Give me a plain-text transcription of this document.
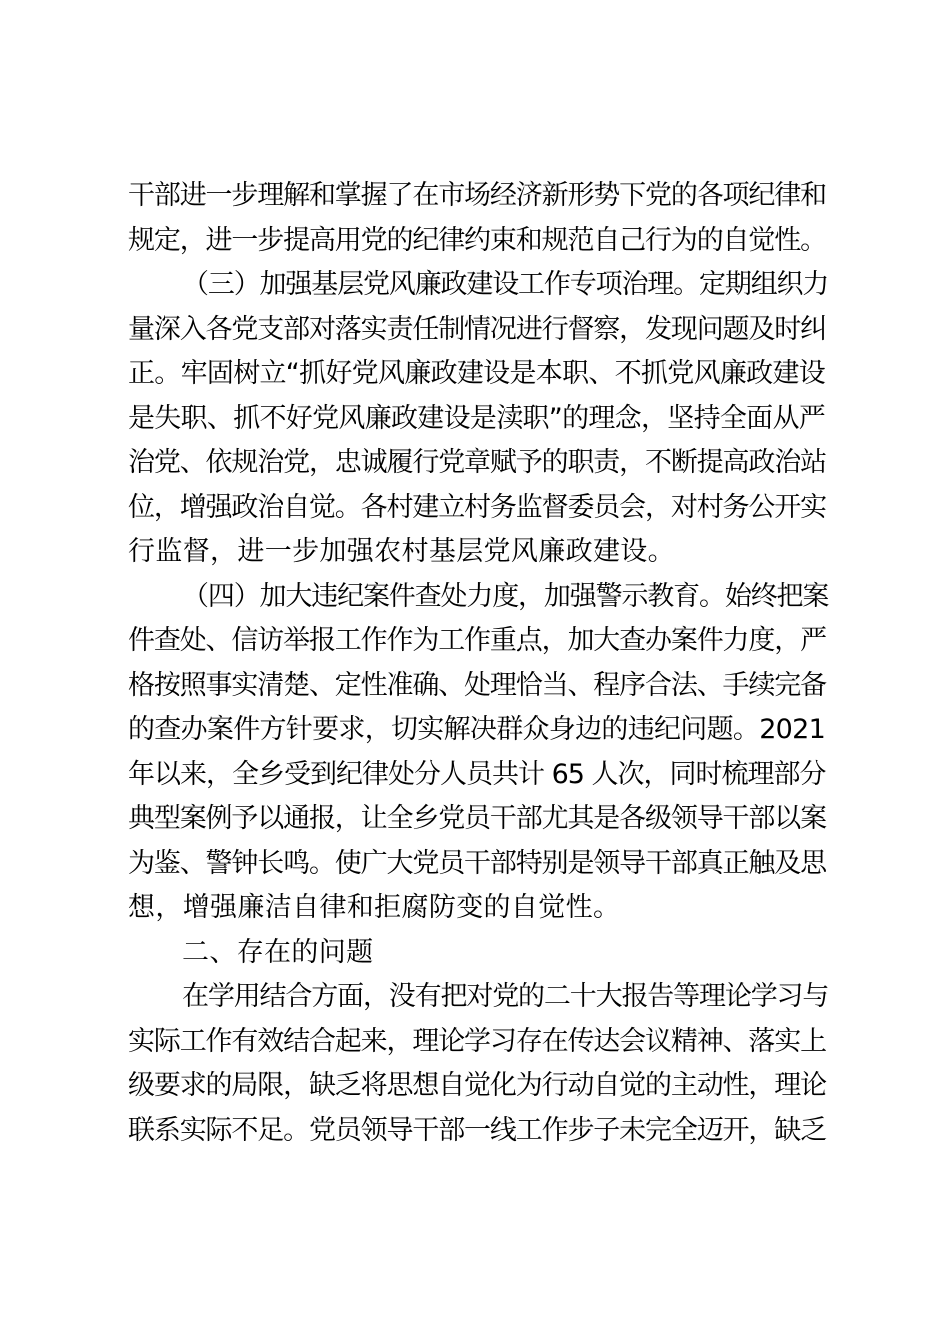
干部进一步理解和掌握了在市场经济新形势下党的各项纪律和
规定，进一步提高用党的纪律约束和规范自己行为的自觉性。
（三）加强基层党风廉政建设工作专项治理。定期组织力
量深入各党支部对落实责任制情况进行督察，发现问题及时纠
正。牢固树立“抓好党风廉政建设是本职、不抓党风廉政建设
是失职、抓不好党风廉政建设是渎职”的理念，坚持全面从严
治党、依规治党，忠诚履行党章赋予的职责，不断提高政治站
位，增强政治自觉。各村建立村务监督委员会，对村务公开实
行监督，进一步加强农村基层党风廉政建设。
（四）加大违纪案件查处力度，加强警示教育。始终把案
件查处、信访举报工作作为工作重点，加大查办案件力度，严
格按照事实清楚、定性准确、处理恰当、程序合法、手续完备
的查办案件方针要求，切实解决群众身边的违纪问题。2021
年以来，全乡受到纪律处分人员共计 65 人次，同时梳理部分
典型案例予以通报，让全乡党员干部尤其是各级领导干部以案
为鉴、警钟长鸣。使广大党员干部特别是领导干部真正触及思
想，增强廉洁自律和拒腐防变的自觉性。
二、存在的问题
在学用结合方面，没有把对党的二十大报告等理论学习与
实际工作有效结合起来，理论学习存在传达会议精神、落实上
级要求的局限，缺乏将思想自觉化为行动自觉的主动性，理论
联系实际不足。党员领导干部一线工作步子未完全迈开，缺乏
